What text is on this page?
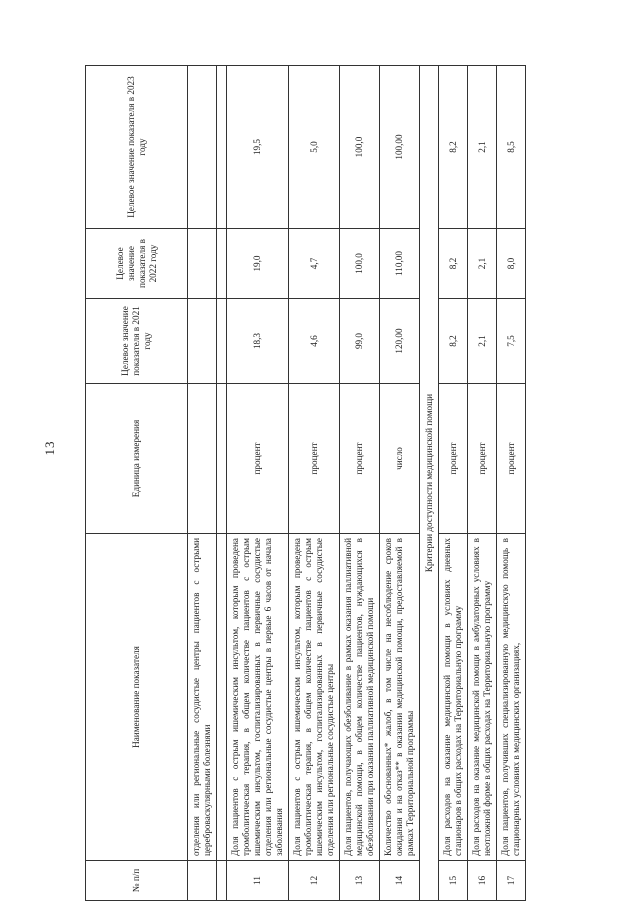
13
№ п/п	Наименование показателя	Единица измерения	Целевое значение показателя в 2021 году	Целевое значение показателя в 2022 году	Целевое значение показателя в 2023 году
	отделения или региональные сосудистые центры пациентов с острыми цереброваскулярными болезнями				

11	Доля пациентов с острым ишемическим инсультом, которым проведена тромболитическая терапия, в общем количестве пациентов с острым ишемическим инсультом, госпитализированных в первичные сосудистые отделения или региональные сосудистые центры в первые 6 часов от начала заболевания	процент	18,3	19,0	19,5
12	Доля пациентов с острым ишемическим инсультом, которым проведена тромболитическая терапия, в общем количестве пациентов с острым ишемическим инсультом, госпитализированных в первичные сосудистые отделения или региональные сосудистые центры	процент	4,6	4,7	5,0
13	Доля пациентов, получающих обезболивание в рамках оказания паллиативной медицинской помощи, в общем количестве пациентов, нуждающихся в обезболивании при оказании паллиативной медицинской помощи	процент	99,0	100,0	100,0
14	Количество обоснованных* жалоб, в том числе на несоблюдение сроков ожидания и на отказ** в оказании медицинской помощи, предоставляемой в рамках Территориальной программы	число	120,00	110,00	100,00
Критерии доступности медицинской помощи					
15	Доля расходов на оказание медицинской помощи в условиях дневных стационаров в общих расходах на Территориальную программу	процент	8,2	8,2	8,2
16	Доля расходов на оказание медицинской помощи в амбулаторных условиях в неотложной форме в общих расходах на Территориальную программу	процент	2,1	2,1	2,1
17	Доля пациентов, получивших специализированную медицинскую помощь в стационарных условиях в медицинских организациях,	процент	7,5	8,0	8,5
